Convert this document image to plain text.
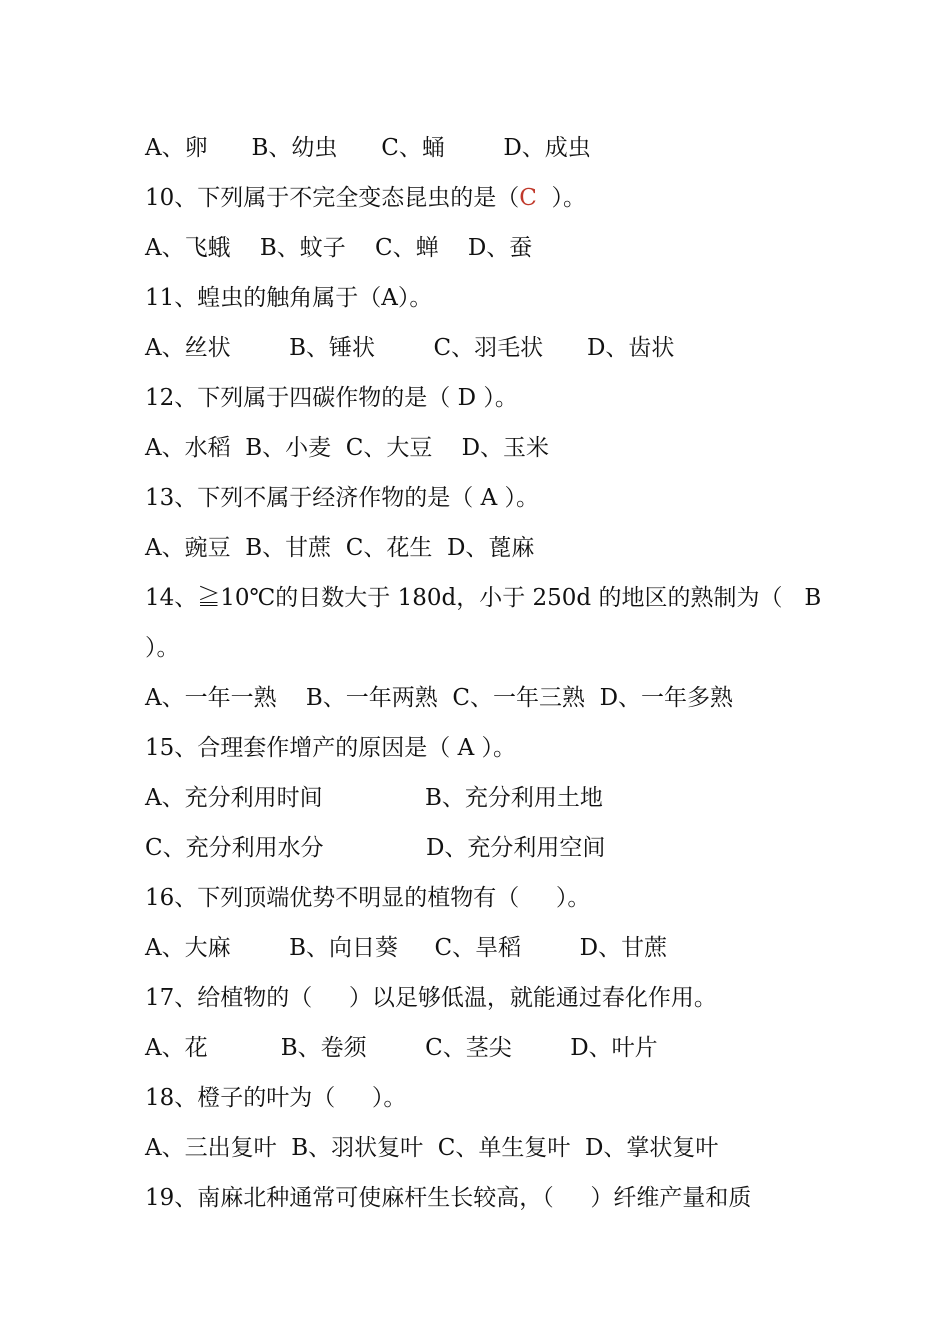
A、卵      B、幼虫      C、蛹        D、成虫
10、下列属于不完全变态昆虫的是（C  ）。
A、飞蛾    B、蚊子    C、蝉    D、蚕
11、蝗虫的触角属于（A）。
A、丝状        B、锤状        C、羽毛状      D、齿状
12、下列属于四碳作物的是（ D ）。
A、水稻  B、小麦  C、大豆    D、玉米
13、下列不属于经济作物的是（ A ）。
A、豌豆  B、甘蔗  C、花生  D、蓖麻
14、≧10℃的日数大于 180d，小于 250d 的地区的熟制为（   B
）。
A、一年一熟    B、一年两熟  C、一年三熟  D、一年多熟
15、合理套作增产的原因是（ A ）。
A、充分利用时间              B、充分利用土地
C、充分利用水分              D、充分利用空间
16、下列顶端优势不明显的植物有（     ）。
A、大麻        B、向日葵     C、旱稻        D、甘蔗
17、给植物的（     ）以足够低温，就能通过春化作用。
A、花          B、卷须        C、茎尖        D、叶片
18、橙子的叶为（     ）。
A、三出复叶  B、羽状复叶  C、单生复叶  D、掌状复叶
19、南麻北种通常可使麻杆生长较高，（     ）纤维产量和质
